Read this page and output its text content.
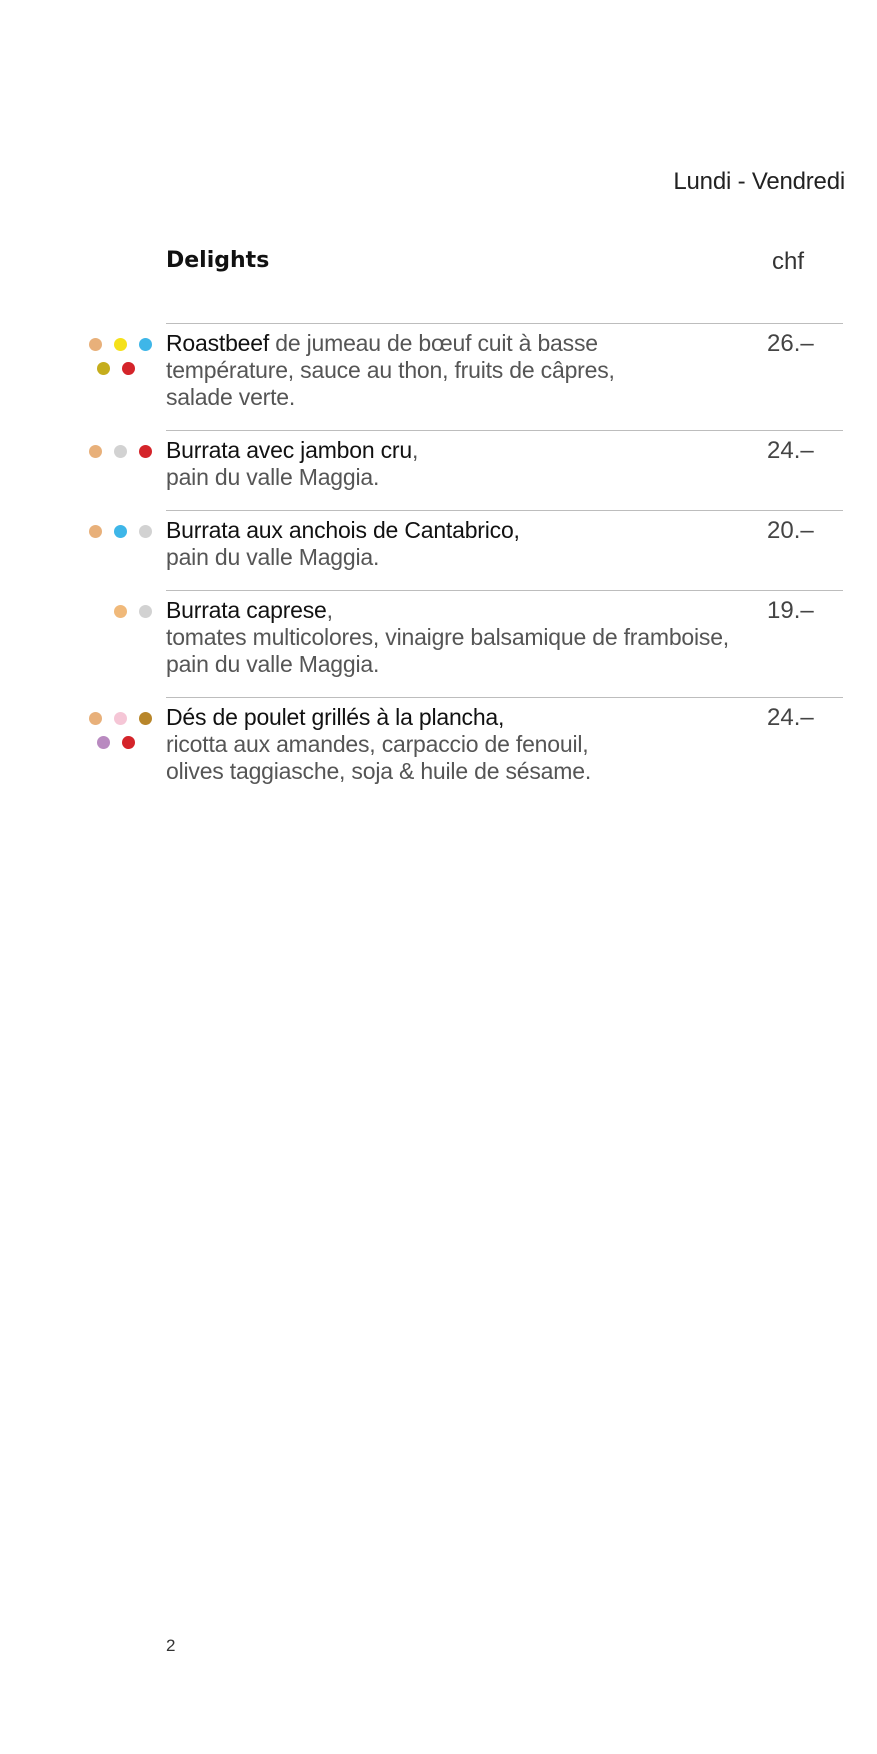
Lundi - Vendredi
Delights	chf
Roastbeef de jumeau de bœuf cuit à basse
température, sauce au thon, fruits de câpres,
salade verte.
26.–
Burrata avec jambon cru,
pain du valle Maggia.
24.–
Burrata aux anchois de Cantabrico,
pain du valle Maggia.
20.–
Burrata caprese,
tomates multicolores, vinaigre balsamique de framboise,
pain du valle Maggia.
19.–
Dés de poulet grillés à la plancha,
ricotta aux amandes, carpaccio de fenouil,
olives taggiasche, soja & huile de sésame.
24.–
2
